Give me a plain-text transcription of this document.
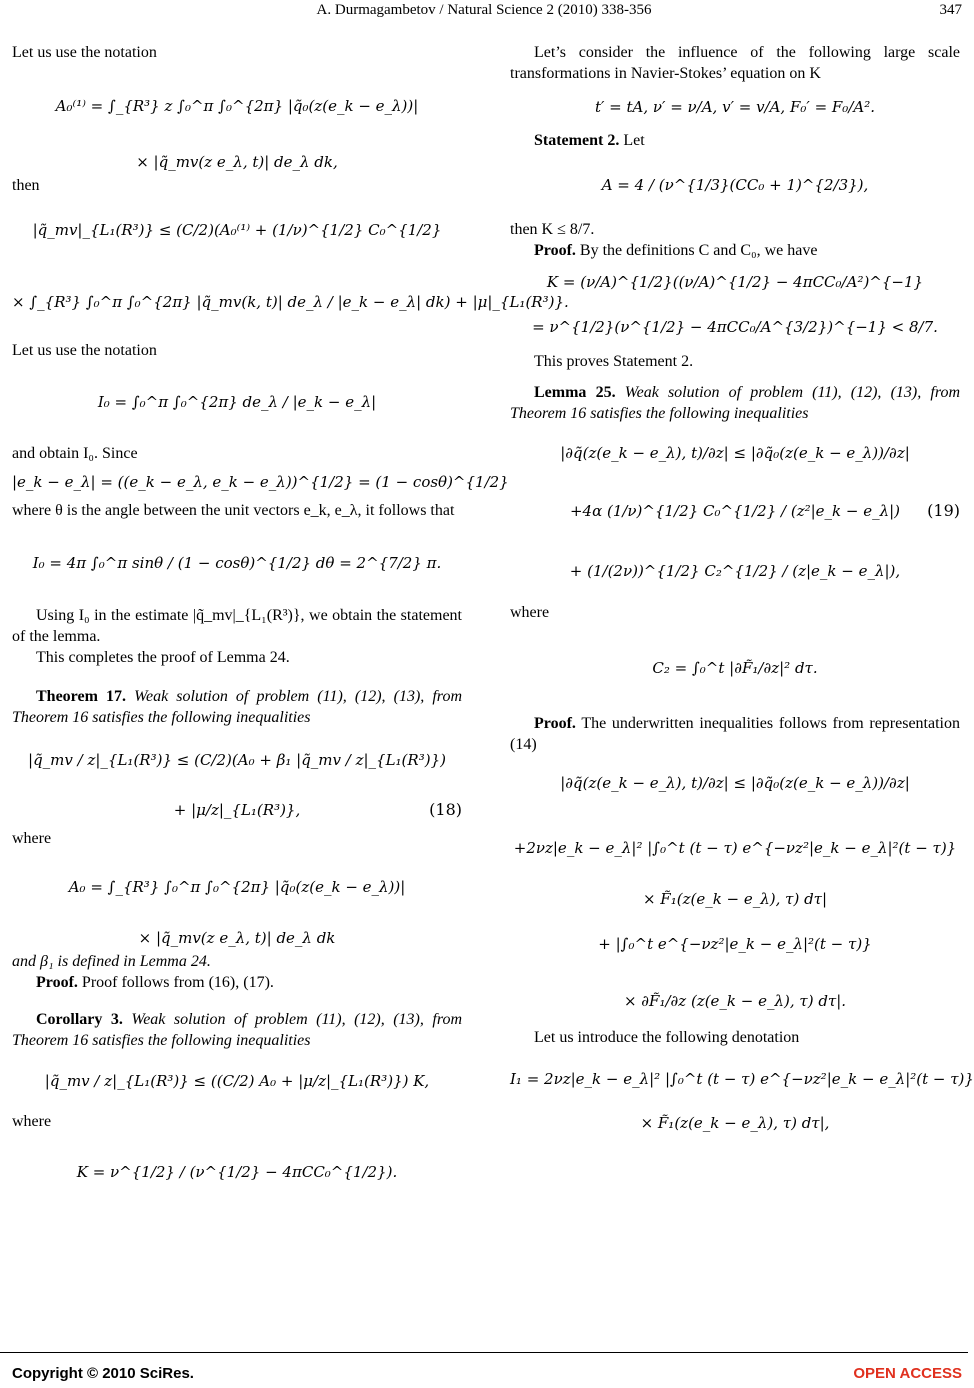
A. Durmagambetov / Natural Science 2 (2010) 338-356	347

Let us use the notation

A₀⁽¹⁾ = ∫_{R³} z ∫₀^π ∫₀^{2π} |q̃₀(z(e_k − e_λ))|
× |q̃_mv(z e_λ, t)| de_λ dk,

then

|q̃_mv|_{L₁(R³)} ≤ (C/2)(A₀⁽¹⁾ + (1/ν)^{1/2} C₀^{1/2}
× ∫_{R³} ∫₀^π ∫₀^{2π} |q̃_mv(k, t)| de_λ / |e_k − e_λ| dk) + |μ|_{L₁(R³)}.

Let us use the notation

I₀ = ∫₀^π ∫₀^{2π} de_λ / |e_k − e_λ|

and obtain I₀. Since

|e_k − e_λ| = ((e_k − e_λ, e_k − e_λ))^{1/2} = (1 − cosθ)^{1/2}

where θ is the angle between the unit vectors e_k, e_λ, it follows that

I₀ = 4π ∫₀^π sinθ / (1 − cosθ)^{1/2} dθ = 2^{7/2} π.

Using I₀ in the estimate |q̃_mv|_{L₁(R³)}, we obtain the statement of the lemma.

This completes the proof of Lemma 24.

Theorem 17. Weak solution of problem (11), (12), (13), from Theorem 16 satisfies the following inequalities

|q̃_mv / z|_{L₁(R³)} ≤ (C/2)(A₀ + β₁ |q̃_mv / z|_{L₁(R³)})
+ |μ/z|_{L₁(R³)},	(18)

where

A₀ = ∫_{R³} ∫₀^π ∫₀^{2π} |q̃₀(z(e_k − e_λ))|
× |q̃_mv(z e_λ, t)| de_λ dk

and β₁ is defined in Lemma 24.

Proof. Proof follows from (16), (17).

Corollary 3. Weak solution of problem (11), (12), (13), from Theorem 16 satisfies the following inequalities

|q̃_mv / z|_{L₁(R³)} ≤ ((C/2) A₀ + |μ/z|_{L₁(R³)}) K,

where

K = ν^{1/2} / (ν^{1/2} − 4πCC₀^{1/2}).

Let’s consider the influence of the following large scale transformations in Navier-Stokes’ equation on K

t′ = tA, ν′ = ν/A, v′ = v/A, F₀′ = F₀/A².

Statement 2. Let

A = 4 / (ν^{1/3}(CC₀ + 1)^{2/3}),

then K ≤ 8/7.

Proof. By the definitions C and C₀, we have

K = (ν/A)^{1/2}((ν/A)^{1/2} − 4πCC₀/A²)^{−1}
= ν^{1/2}(ν^{1/2} − 4πCC₀/A^{3/2})^{−1} < 8/7.

This proves Statement 2.

Lemma 25. Weak solution of problem (11), (12), (13), from Theorem 16 satisfies the following inequalities

|∂q̃(z(e_k − e_λ), t)/∂z| ≤ |∂q̃₀(z(e_k − e_λ))/∂z|
+4α (1/ν)^{1/2} C₀^{1/2} / (z²|e_k − e_λ|) (19)
+ (1/(2ν))^{1/2} C₂^{1/2} / (z|e_k − e_λ|),

where

C₂ = ∫₀^t |∂F̃₁/∂z|² dτ.

Proof. The underwritten inequalities follows from representation (14)

|∂q̃(z(e_k − e_λ), t)/∂z| ≤ |∂q̃₀(z(e_k − e_λ))/∂z|
+2νz|e_k − e_λ|² |∫₀^t (t − τ) e^{−νz²|e_k − e_λ|²(t − τ)}
× F̃₁(z(e_k − e_λ), τ) dτ|
+ |∫₀^t e^{−νz²|e_k − e_λ|²(t − τ)}
× ∂F̃₁/∂z (z(e_k − e_λ), τ) dτ|.

Let us introduce the following denotation

I₁ = 2νz|e_k − e_λ|² |∫₀^t (t − τ) e^{−νz²|e_k − e_λ|²(t − τ)}
× F̃₁(z(e_k − e_λ), τ) dτ|,
Copyright © 2010 SciRes.	OPEN ACCESS
